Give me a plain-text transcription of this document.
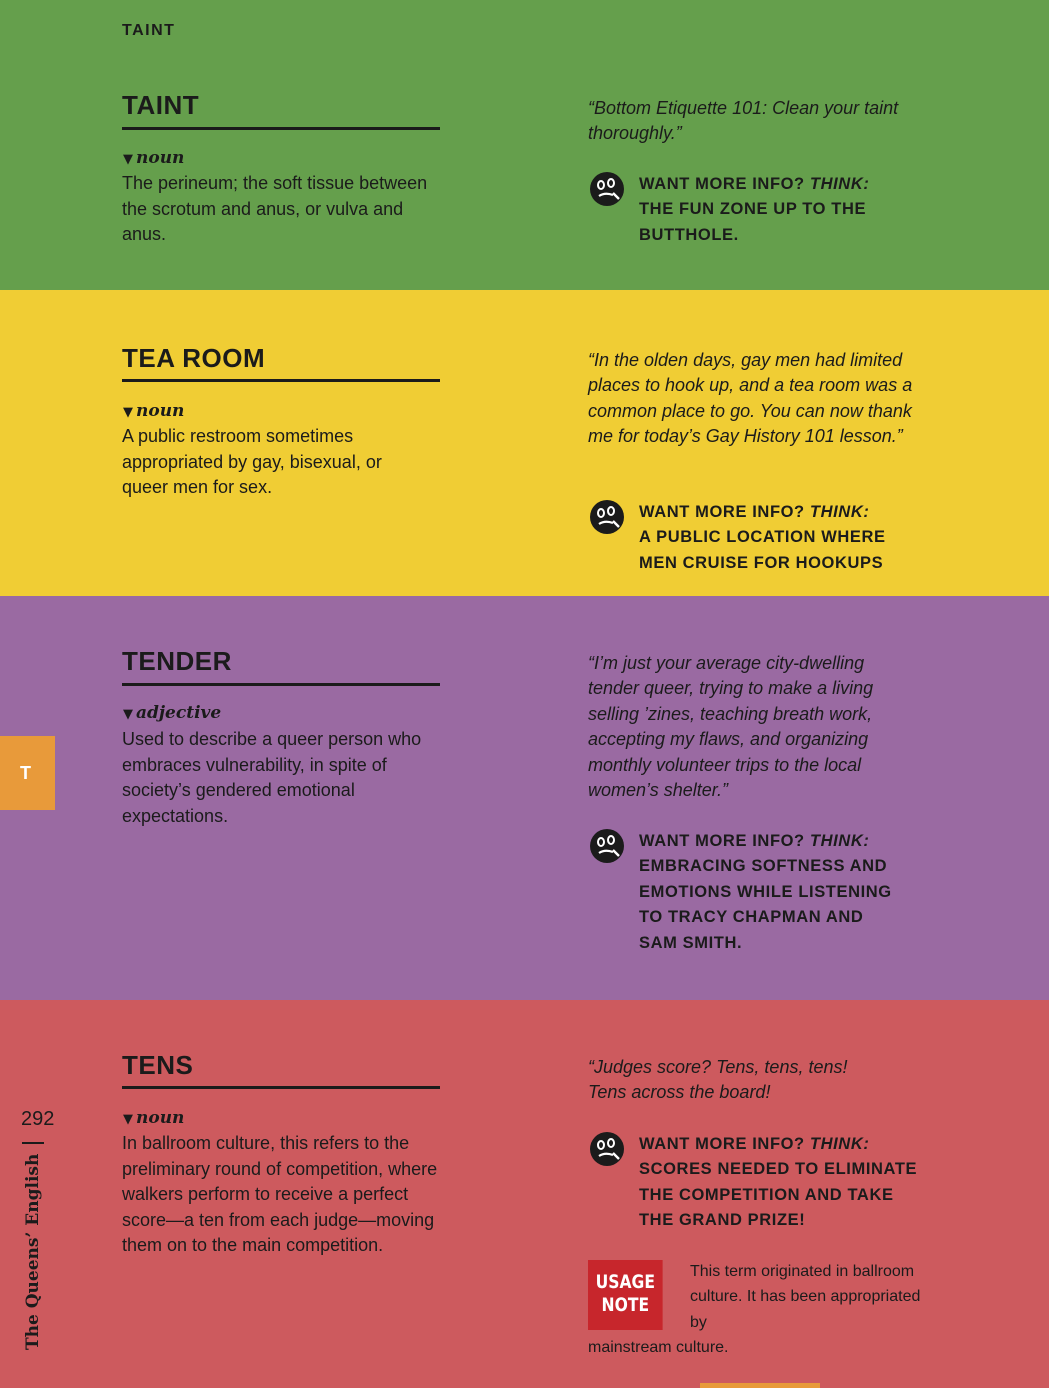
TAINT
TAINT
▼ noun
The perineum; the soft tissue between the scrotum and anus, or vulva and anus.
“Bottom Etiquette 101: Clean your taint thoroughly.”
WANT MORE INFO? THINK:
THE FUN ZONE UP TO THE
BUTTHOLE.
TEA ROOM
▼ noun
A public restroom sometimes appropriated by gay, bisexual, or queer men for sex.
“In the olden days, gay men had limited places to hook up, and a tea room was a common place to go. You can now thank me for today’s Gay History 101 lesson.”
WANT MORE INFO? THINK:
A PUBLIC LOCATION WHERE
MEN CRUISE FOR HOOKUPS
TENDER
▼ adjective
Used to describe a queer person who embraces vulnerability, in spite of society’s gendered emotional expectations.
“I’m just your average city-dwelling tender queer, trying to make a living selling ’zines, teaching breath work, accepting my flaws, and organizing monthly volunteer trips to the local women’s shelter.”
WANT MORE INFO? THINK:
EMBRACING SOFTNESS AND
EMOTIONS WHILE LISTENING
TO TRACY CHAPMAN AND
SAM SMITH.
TENS
▼ noun
In ballroom culture, this refers to the preliminary round of competition, where walkers perform to receive a perfect score—a ten from each judge—moving them on to the main competition.
“Judges score? Tens, tens, tens! Tens across the board!
WANT MORE INFO? THINK:
SCORES NEEDED TO ELIMINATE
THE COMPETITION AND TAKE
THE GRAND PRIZE!
USAGE
NOTE
This term originated in ballroom culture. It has been appropriated by
mainstream culture.
T
292
The Queens’ English
